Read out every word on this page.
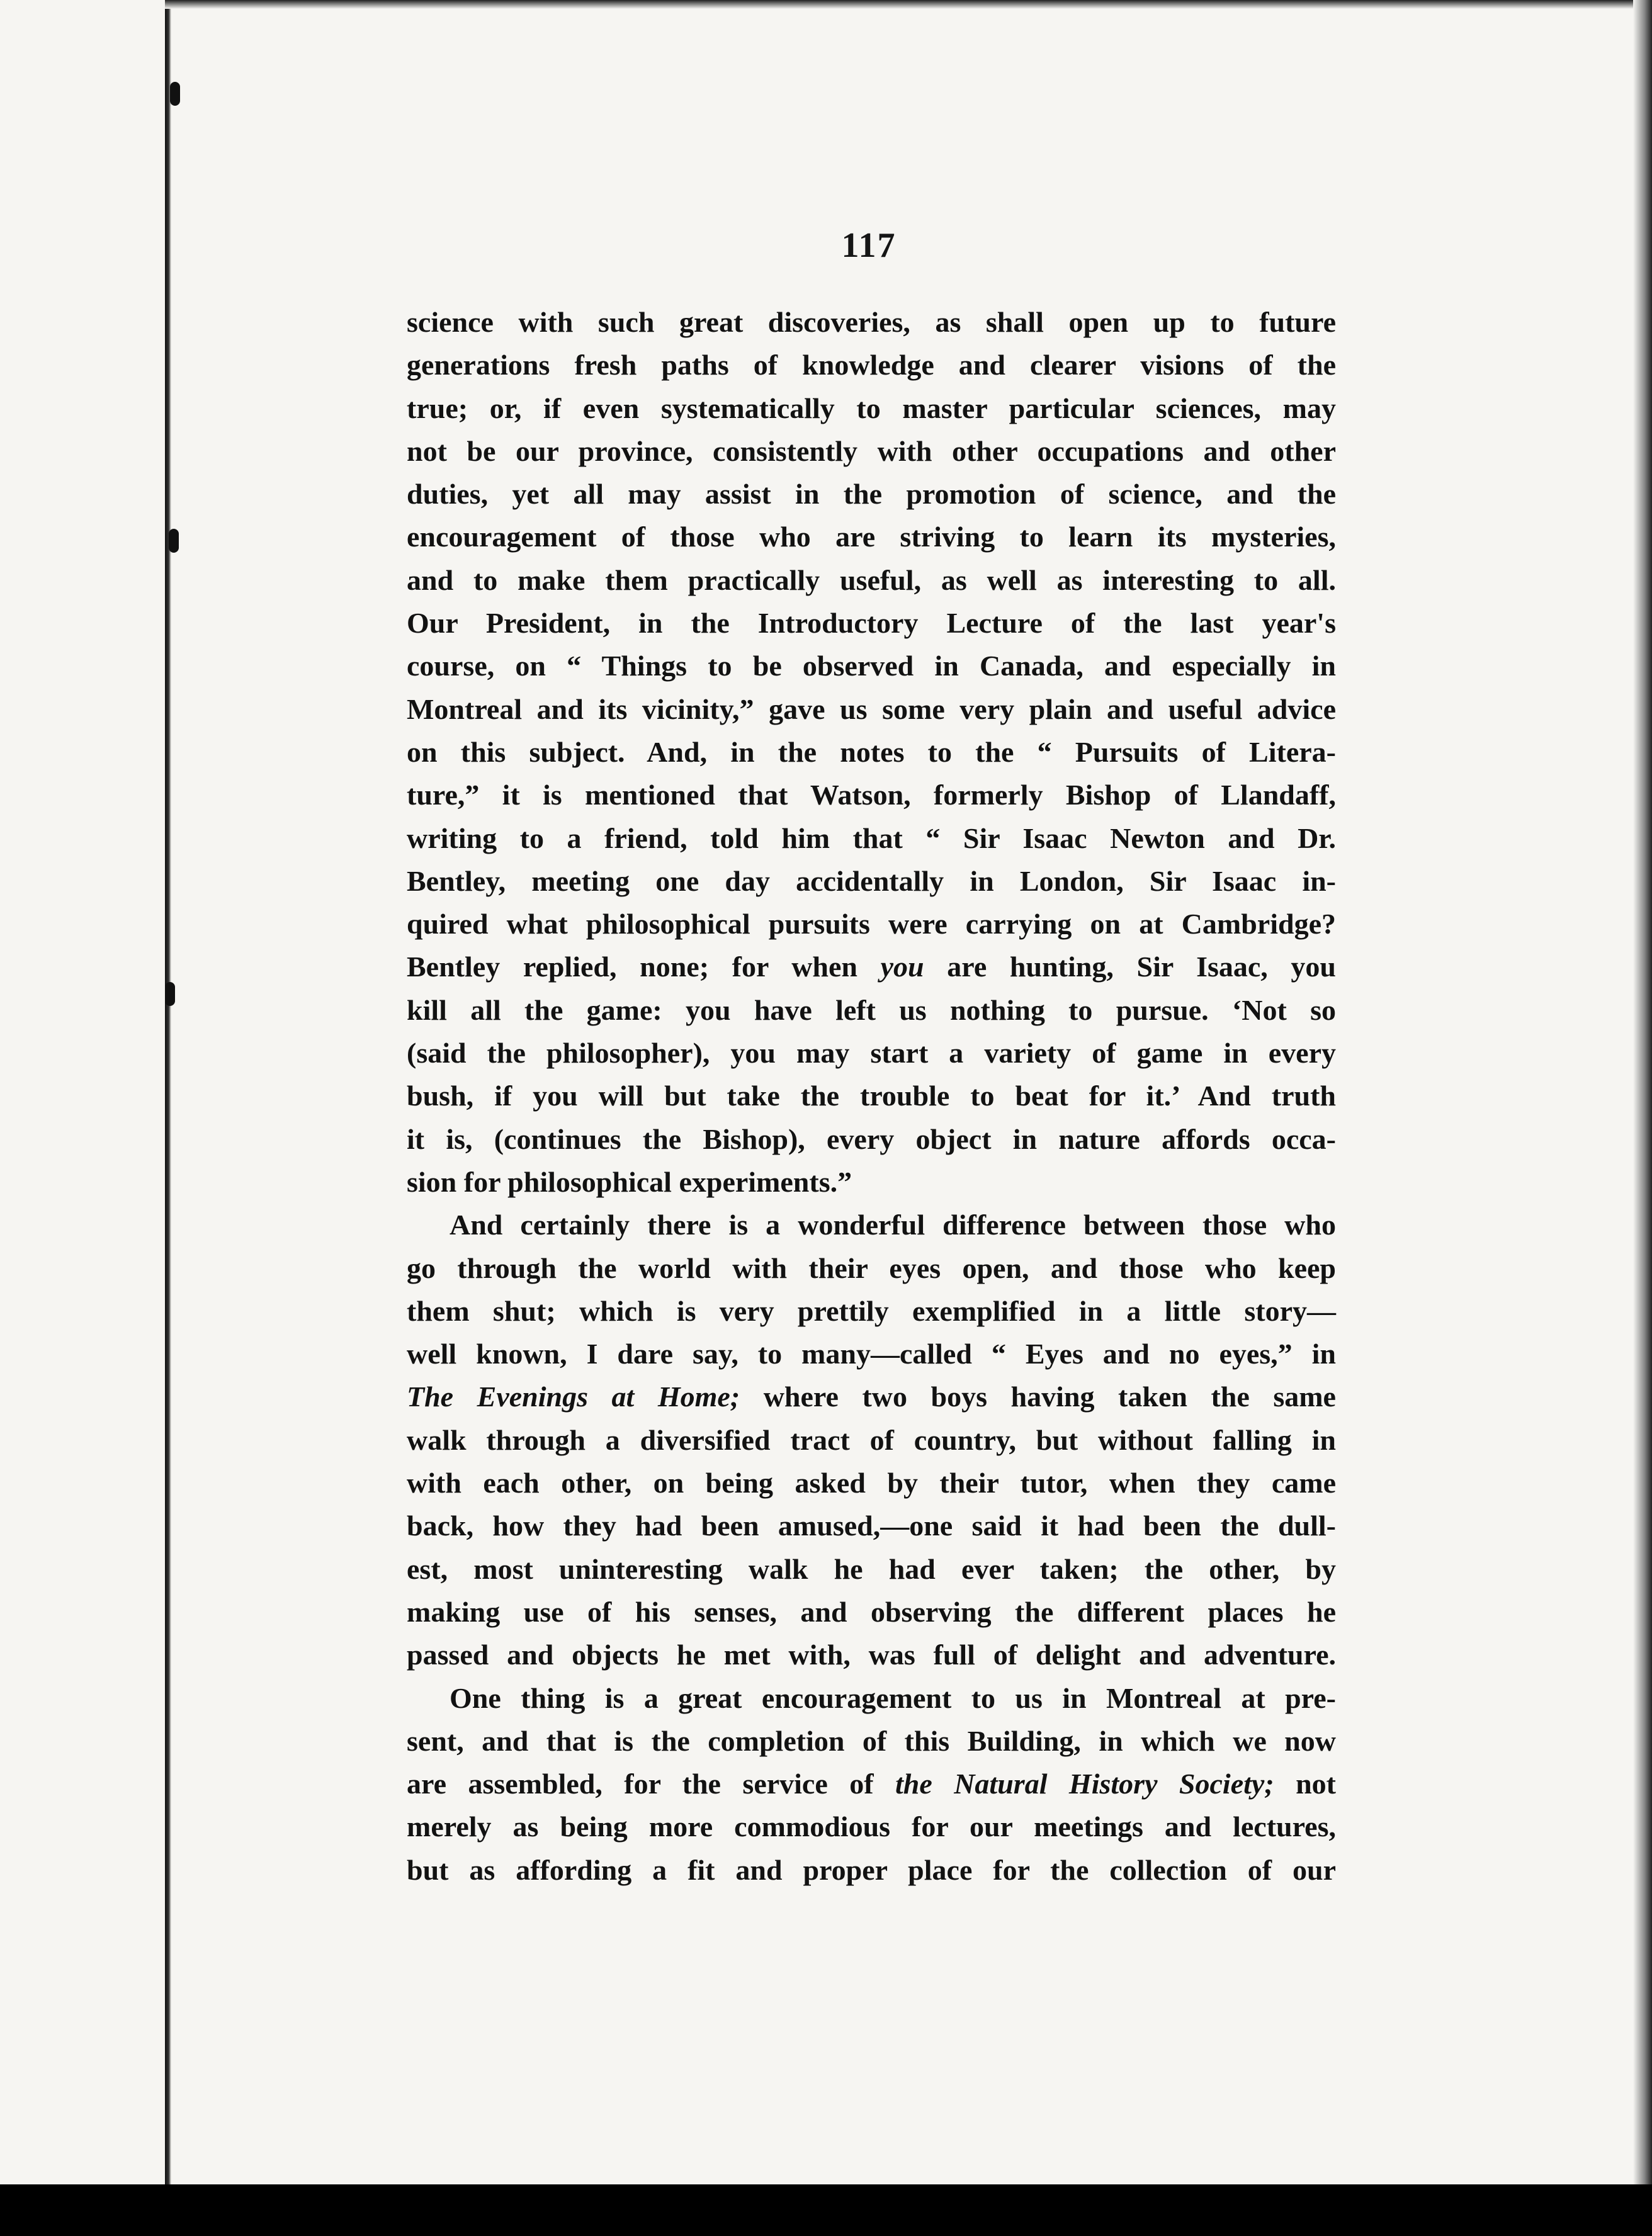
117
science with such great discoveries, as shall open up to future
generations fresh paths of knowledge and clearer visions of the
true; or, if even systematically to master particular sciences, may
not be our province, consistently with other occupations and other
duties, yet all may assist in the promotion of science, and the
encouragement of those who are striving to learn its mysteries,
and to make them practically useful, as well as interesting to all.
Our President, in the Introductory Lecture of the last year's
course, on “ Things to be observed in Canada, and especially in
Montreal and its vicinity,” gave us some very plain and useful advice
on this subject. And, in the notes to the “ Pursuits of Litera-
ture,” it is mentioned that Watson, formerly Bishop of Llandaff,
writing to a friend, told him that “ Sir Isaac Newton and Dr.
Bentley, meeting one day accidentally in London, Sir Isaac in-
quired what philosophical pursuits were carrying on at Cambridge?
Bentley replied, none; for when you are hunting, Sir Isaac, you
kill all the game: you have left us nothing to pursue. ‘Not so
(said the philosopher), you may start a variety of game in every
bush, if you will but take the trouble to beat for it.’ And truth
it is, (continues the Bishop), every object in nature affords occa-
sion for philosophical experiments.”
And certainly there is a wonderful difference between those who
go through the world with their eyes open, and those who keep
them shut; which is very prettily exemplified in a little story—
well known, I dare say, to many—called “ Eyes and no eyes,” in
The Evenings at Home; where two boys having taken the same
walk through a diversified tract of country, but without falling in
with each other, on being asked by their tutor, when they came
back, how they had been amused,—one said it had been the dull-
est, most uninteresting walk he had ever taken; the other, by
making use of his senses, and observing the different places he
passed and objects he met with, was full of delight and adventure.
One thing is a great encouragement to us in Montreal at pre-
sent, and that is the completion of this Building, in which we now
are assembled, for the service of the Natural History Society; not
merely as being more commodious for our meetings and lectures,
but as affording a fit and proper place for the collection of our
